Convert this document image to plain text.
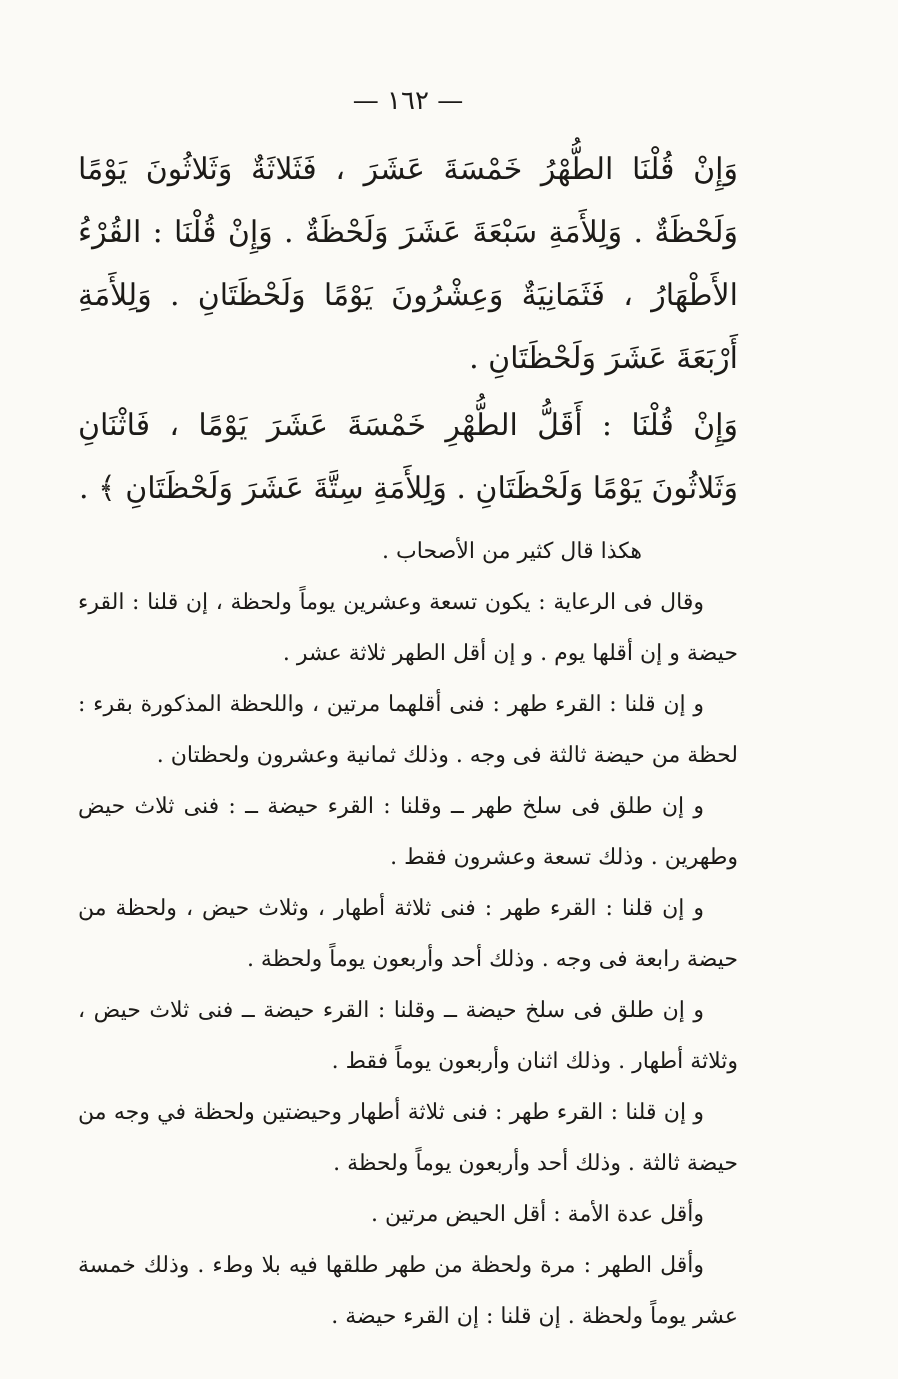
— ١٦٢ —

وَإِنْ قُلْنَا الطُّهْرُ خَمْسَةَ عَشَرَ ، فَثَلاثَةٌ وَثَلاثُونَ يَوْمًا وَلَحْظَةٌ . وَلِلأَمَةِ سَبْعَةَ عَشَرَ وَلَحْظَةٌ . وَإِنْ قُلْنَا : القُرْءُ الأَطْهَارُ ، فَثَمَانِيَةٌ وَعِشْرُونَ يَوْمًا وَلَحْظَتَانِ . وَلِلأَمَةِ أَرْبَعَةَ عَشَرَ وَلَحْظَتَانِ .

وَإِنْ قُلْنَا : أَقَلُّ الطُّهْرِ خَمْسَةَ عَشَرَ يَوْمًا ، فَاثْنَانِ وَثَلاثُونَ يَوْمًا وَلَحْظَتَانِ . وَلِلأَمَةِ سِتَّةَ عَشَرَ وَلَحْظَتَانِ ﴾ .

هكذا قال كثير من الأصحاب .

وقال فى الرعاية : يكون تسعة وعشرين يوماً ولحظة ، إن قلنا : القرء حيضة و إن أقلها يوم . و إن أقل الطهر ثلاثة عشر .

و إن قلنا : القرء طهر : فنى أقلهما مرتين ، واللحظة المذكورة بقرء : لحظة من حيضة ثالثة فى وجه . وذلك ثمانية وعشرون ولحظتان .

و إن طلق فى سلخ طهر ــ وقلنا : القرء حيضة ــ : فنى ثلاث حيض وطهرين . وذلك تسعة وعشرون فقط .

و إن قلنا : القرء طهر : فنى ثلاثة أطهار ، وثلاث حيض ، ولحظة من حيضة رابعة فى وجه . وذلك أحد وأربعون يوماً ولحظة .

و إن طلق فى سلخ حيضة ــ وقلنا : القرء حيضة ــ فنى ثلاث حيض ، وثلاثة أطهار . وذلك اثنان وأربعون يوماً فقط .

و إن قلنا : القرء طهر : فنى ثلاثة أطهار وحيضتين ولحظة في وجه من حيضة ثالثة . وذلك أحد وأربعون يوماً ولحظة .

وأقل عدة الأمة : أقل الحيض مرتين .

وأقل الطهر : مرة ولحظة من طهر طلقها فيه بلا وطء . وذلك خمسة عشر يوماً ولحظة . إن قلنا : إن القرء حيضة .
